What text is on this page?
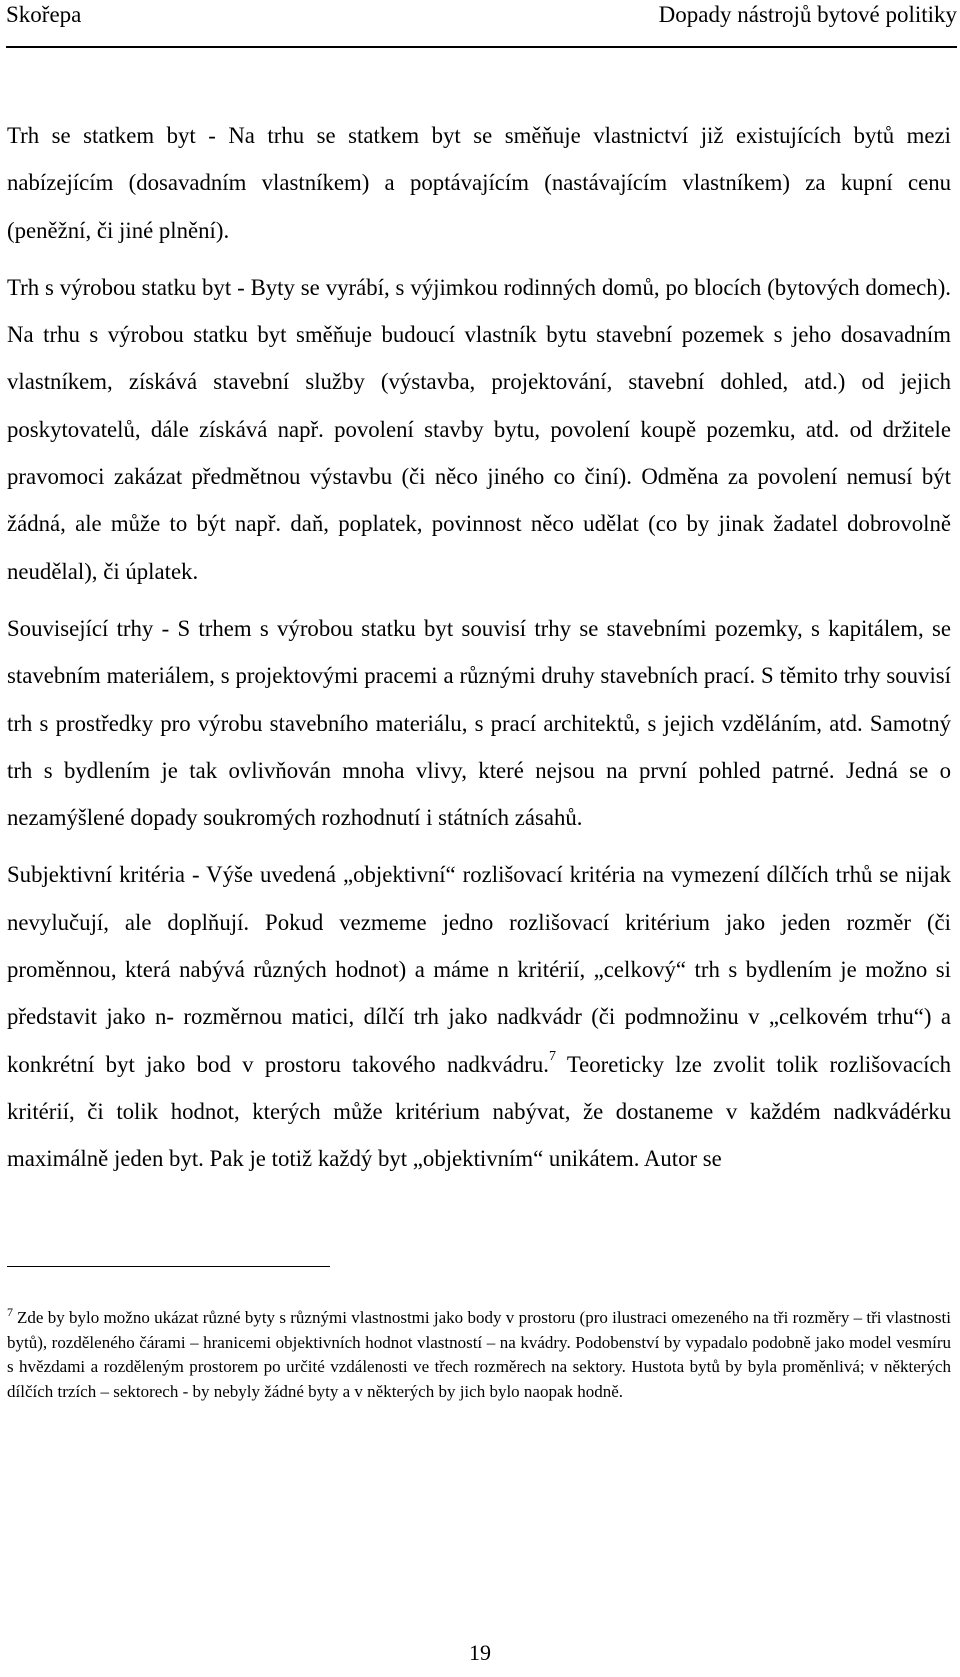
Skořepa	Dopady nástrojů bytové politiky

Trh se statkem byt - Na trhu se statkem byt se směňuje vlastnictví již existujících bytů mezi nabízejícím (dosavadním vlastníkem) a poptávajícím (nastávajícím vlastníkem) za kupní cenu (peněžní, či jiné plnění).

Trh s výrobou statku byt - Byty se vyrábí, s výjimkou rodinných domů, po blocích (bytových domech). Na trhu s výrobou statku byt směňuje budoucí vlastník bytu stavební pozemek s jeho dosavadním vlastníkem, získává stavební služby (výstavba, projektování, stavební dohled, atd.) od jejich poskytovatelů, dále získává např. povolení stavby bytu, povolení koupě pozemku, atd. od držitele pravomoci zakázat předmětnou výstavbu (či něco jiného co činí). Odměna za povolení nemusí být žádná, ale může to být např. daň, poplatek, povinnost něco udělat (co by jinak žadatel dobrovolně neudělal), či úplatek.

Související trhy - S trhem s výrobou statku byt souvisí trhy se stavebními pozemky, s kapitálem, se stavebním materiálem, s projektovými pracemi a různými druhy stavebních prací. S těmito trhy souvisí trh s prostředky pro výrobu stavebního materiálu, s prací architektů, s jejich vzděláním, atd. Samotný trh s bydlením je tak ovlivňován mnoha vlivy, které nejsou na první pohled patrné. Jedná se o nezamýšlené dopady soukromých rozhodnutí i státních zásahů.

Subjektivní kritéria - Výše uvedená „objektivní“ rozlišovací kritéria na vymezení dílčích trhů se nijak nevylučují, ale doplňují. Pokud vezmeme jedno rozlišovací kritérium jako jeden rozměr (či proměnnou, která nabývá různých hodnot) a máme n kritérií, „celkový“ trh s bydlením je možno si představit jako n- rozměrnou matici, dílčí trh jako nadkvádr (či podmnožinu v „celkovém trhu“) a konkrétní byt jako bod v prostoru takového nadkvádru.$^7$ Teoreticky lze zvolit tolik rozlišovacích kritérií, či tolik hodnot, kterých může kritérium nabývat, že dostaneme v každém nadkvádérku maximálně jeden byt. Pak je totiž každý byt „objektivním“ unikátem. Autor se

$^7$ Zde by bylo možno ukázat různé byty s různými vlastnostmi jako body v prostoru (pro ilustraci omezeného na tři rozměry – tři vlastnosti bytů), rozděleného čárami – hranicemi objektivních hodnot vlastností – na kvádry. Podobenství by vypadalo podobně jako model vesmíru s hvězdami a rozděleným prostorem po určité vzdálenosti ve třech rozměrech na sektory. Hustota bytů by byla proměnlivá; v některých dílčích trzích – sektorech - by nebyly žádné byty a v některých by jich bylo naopak hodně.
19
